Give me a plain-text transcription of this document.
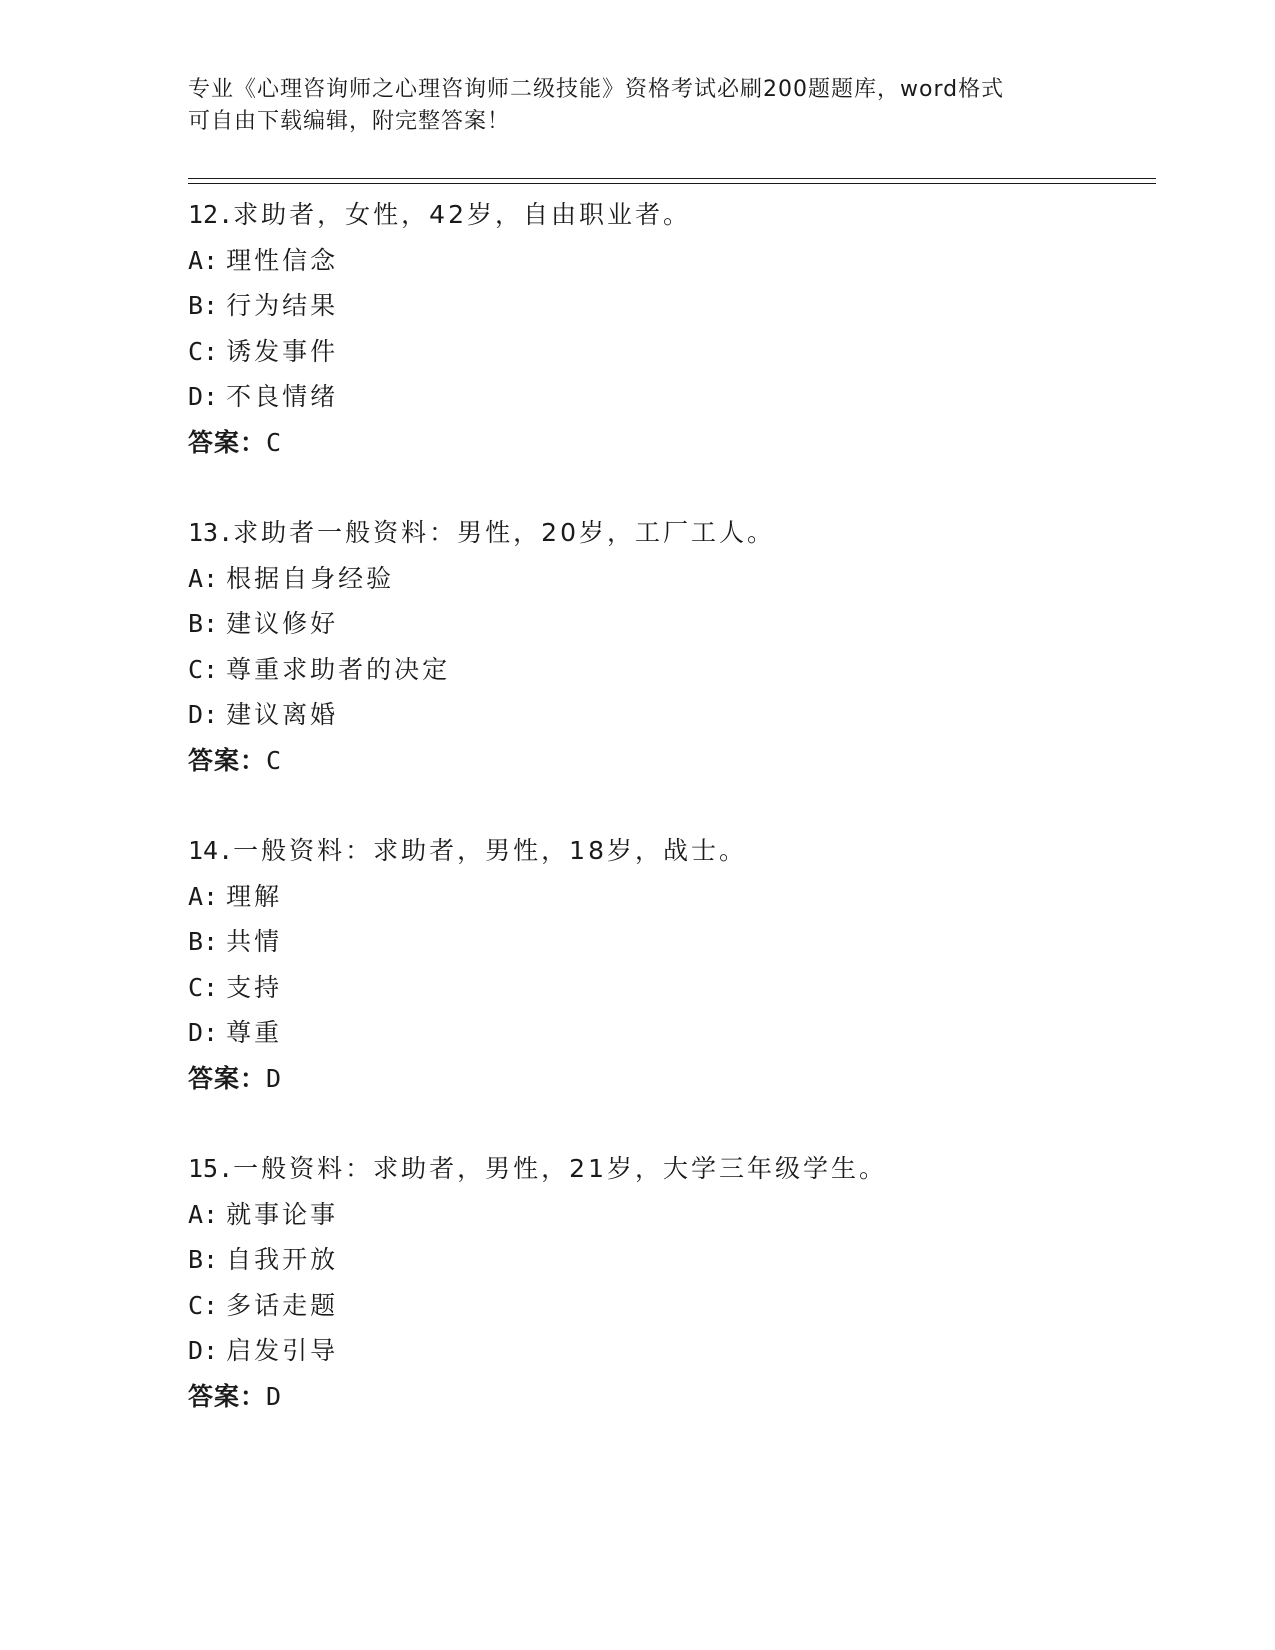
专业《心理咨询师之心理咨询师二级技能》资格考试必刷200题题库，word格式
可自由下载编辑，附完整答案！
12.求助者，女性，42岁，自由职业者。
A: 理性信念
B: 行为结果
C: 诱发事件
D: 不良情绪
答案：C
13.求助者一般资料：男性，20岁，工厂工人。
A: 根据自身经验
B: 建议修好
C: 尊重求助者的决定
D: 建议离婚
答案：C
14.一般资料：求助者，男性，18岁，战士。
A: 理解
B: 共情
C: 支持
D: 尊重
答案：D
15.一般资料：求助者，男性，21岁，大学三年级学生。
A: 就事论事
B: 自我开放
C: 多话走题
D: 启发引导
答案：D
